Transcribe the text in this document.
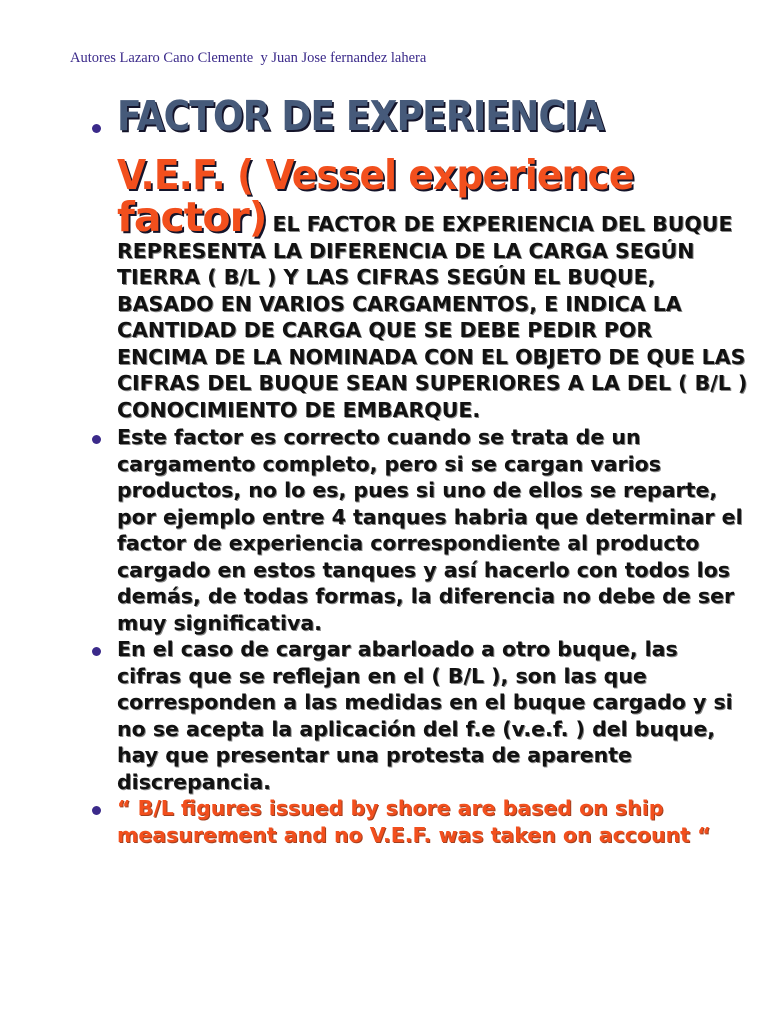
Autores Lazaro Cano Clemente  y Juan Jose fernandez lahera
FACTOR DE EXPERIENCIA
V.E.F. ( Vessel experience

factor) EL FACTOR DE EXPERIENCIA DEL BUQUE REPRESENTA LA DIFERENCIA DE LA CARGA SEGÚN TIERRA ( B/L ) Y LAS CIFRAS SEGÚN EL BUQUE, BASADO EN VARIOS CARGAMENTOS, E INDICA LA CANTIDAD DE CARGA QUE SE DEBE PEDIR POR ENCIMA DE LA NOMINADA CON EL OBJETO DE QUE LAS CIFRAS DEL BUQUE SEAN SUPERIORES A LA DEL ( B/L ) CONOCIMIENTO DE EMBARQUE.

Este factor es correcto cuando se trata de un cargamento completo, pero si se cargan varios productos, no lo es, pues si uno de ellos se reparte, por ejemplo entre 4 tanques habria que determinar el factor de experiencia correspondiente al producto cargado en estos tanques y así hacerlo con todos los demás, de todas formas, la diferencia no debe de ser muy significativa.

En el caso de cargar abarloado a otro buque, las cifras que se reflejan en el ( B/L ), son las que corresponden a las medidas en el buque cargado y si no se acepta la aplicación del f.e (v.e.f. ) del buque, hay que presentar una protesta de aparente discrepancia.

“ B/L figures issued by shore are based on ship measurement and no V.E.F. was taken on account “
